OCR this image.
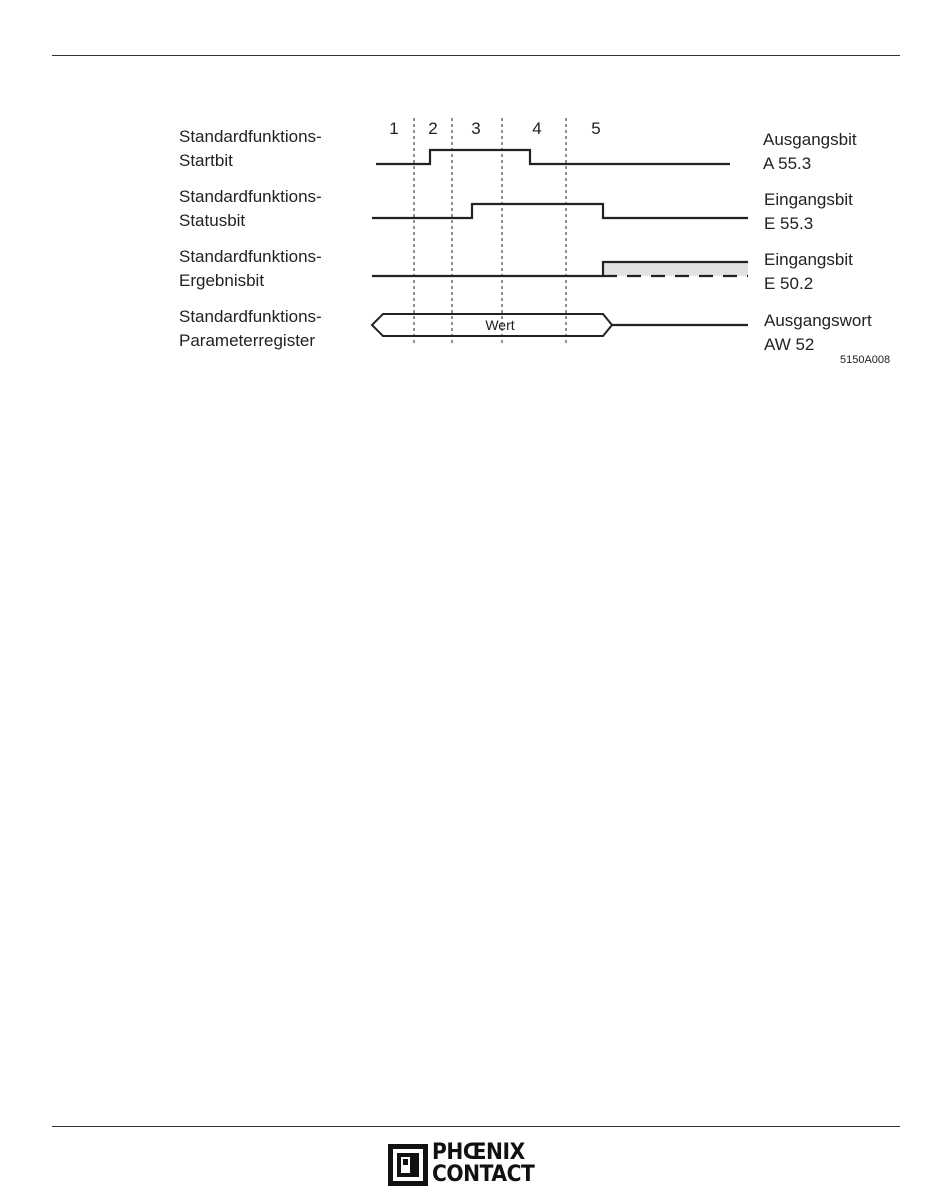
Standardfunktions-
Startbit
Standardfunktions-
Statusbit
Standardfunktions-
Ergebnisbit
Standardfunktions-
Parameterregister
1	2	3	4	5
Wert
Ausgangsbit
A 55.3
Eingangsbit
E 55.3
Eingangsbit
E 50.2
Ausgangswort
AW 52
5150A008
PHŒNIX
CONTACT
